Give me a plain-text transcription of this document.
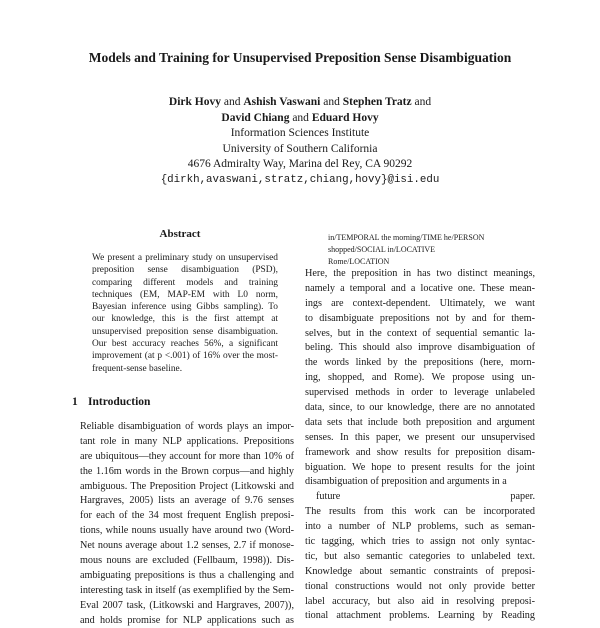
Models and Training for Unsupervised Preposition Sense Disambiguation
Dirk Hovy and Ashish Vaswani and Stephen Tratz and
David Chiang and Eduard Hovy
Information Sciences Institute
University of Southern California
4676 Admiralty Way, Marina del Rey, CA 90292
{dirkh,avaswani,stratz,chiang,hovy}@isi.edu
Abstract

We present a preliminary study on unsupervised preposition sense disambiguation (PSD), comparing different models and training techniques (EM, MAP-EM with L0 norm, Bayesian inference using Gibbs sampling). To our knowledge, this is the first attempt at unsupervised preposition sense disambiguation. Our best accuracy reaches 56%, a significant improvement (at p <.001) of 16% over the most-frequent-sense baseline.

1 Introduction
Reliable disambiguation of words plays an impor-
tant role in many NLP applications. Prepositions
are ubiquitous—they account for more than 10% of
the 1.16m words in the Brown corpus—and highly
ambiguous. The Preposition Project (Litkowski and
Hargraves, 2005) lists an average of 9.76 senses
for each of the 34 most frequent English preposi-
tions, while nouns usually have around two (Word-
Net nouns average about 1.2 senses, 2.7 if monose-
mous nouns are excluded (Fellbaum, 1998)). Dis-
ambiguating prepositions is thus a challenging and
interesting task in itself (as exemplified by the Sem-
Eval 2007 task, (Litkowski and Hargraves, 2007)),
and holds promise for NLP applications such as
in/TEMPORAL the morning/TIME he/PERSON
shopped/SOCIAL in/LOCATIVE
Rome/LOCATION
Here, the preposition in has two distinct meanings,
namely a temporal and a locative one. These mean-
ings are context-dependent. Ultimately, we want
to disambiguate prepositions not by and for them-
selves, but in the context of sequential semantic la-
beling. This should also improve disambiguation of
the words linked by the prepositions (here, morn-
ing, shopped, and Rome). We propose using un-
supervised methods in order to leverage unlabeled
data, since, to our knowledge, there are no annotated
data sets that include both preposition and argument
senses. In this paper, we present our unsupervised
framework and show results for preposition disam-
biguation. We hope to present results for the joint
disambiguation of preposition and arguments in a
future paper.
The results from this work can be incorporated
into a number of NLP problems, such as seman-
tic tagging, which tries to assign not only syntac-
tic, but also semantic categories to unlabeled text.
Knowledge about semantic constraints of preposi-
tional constructions would not only provide better
label accuracy, but also aid in resolving preposi-
tional attachment problems. Learning by Reading
